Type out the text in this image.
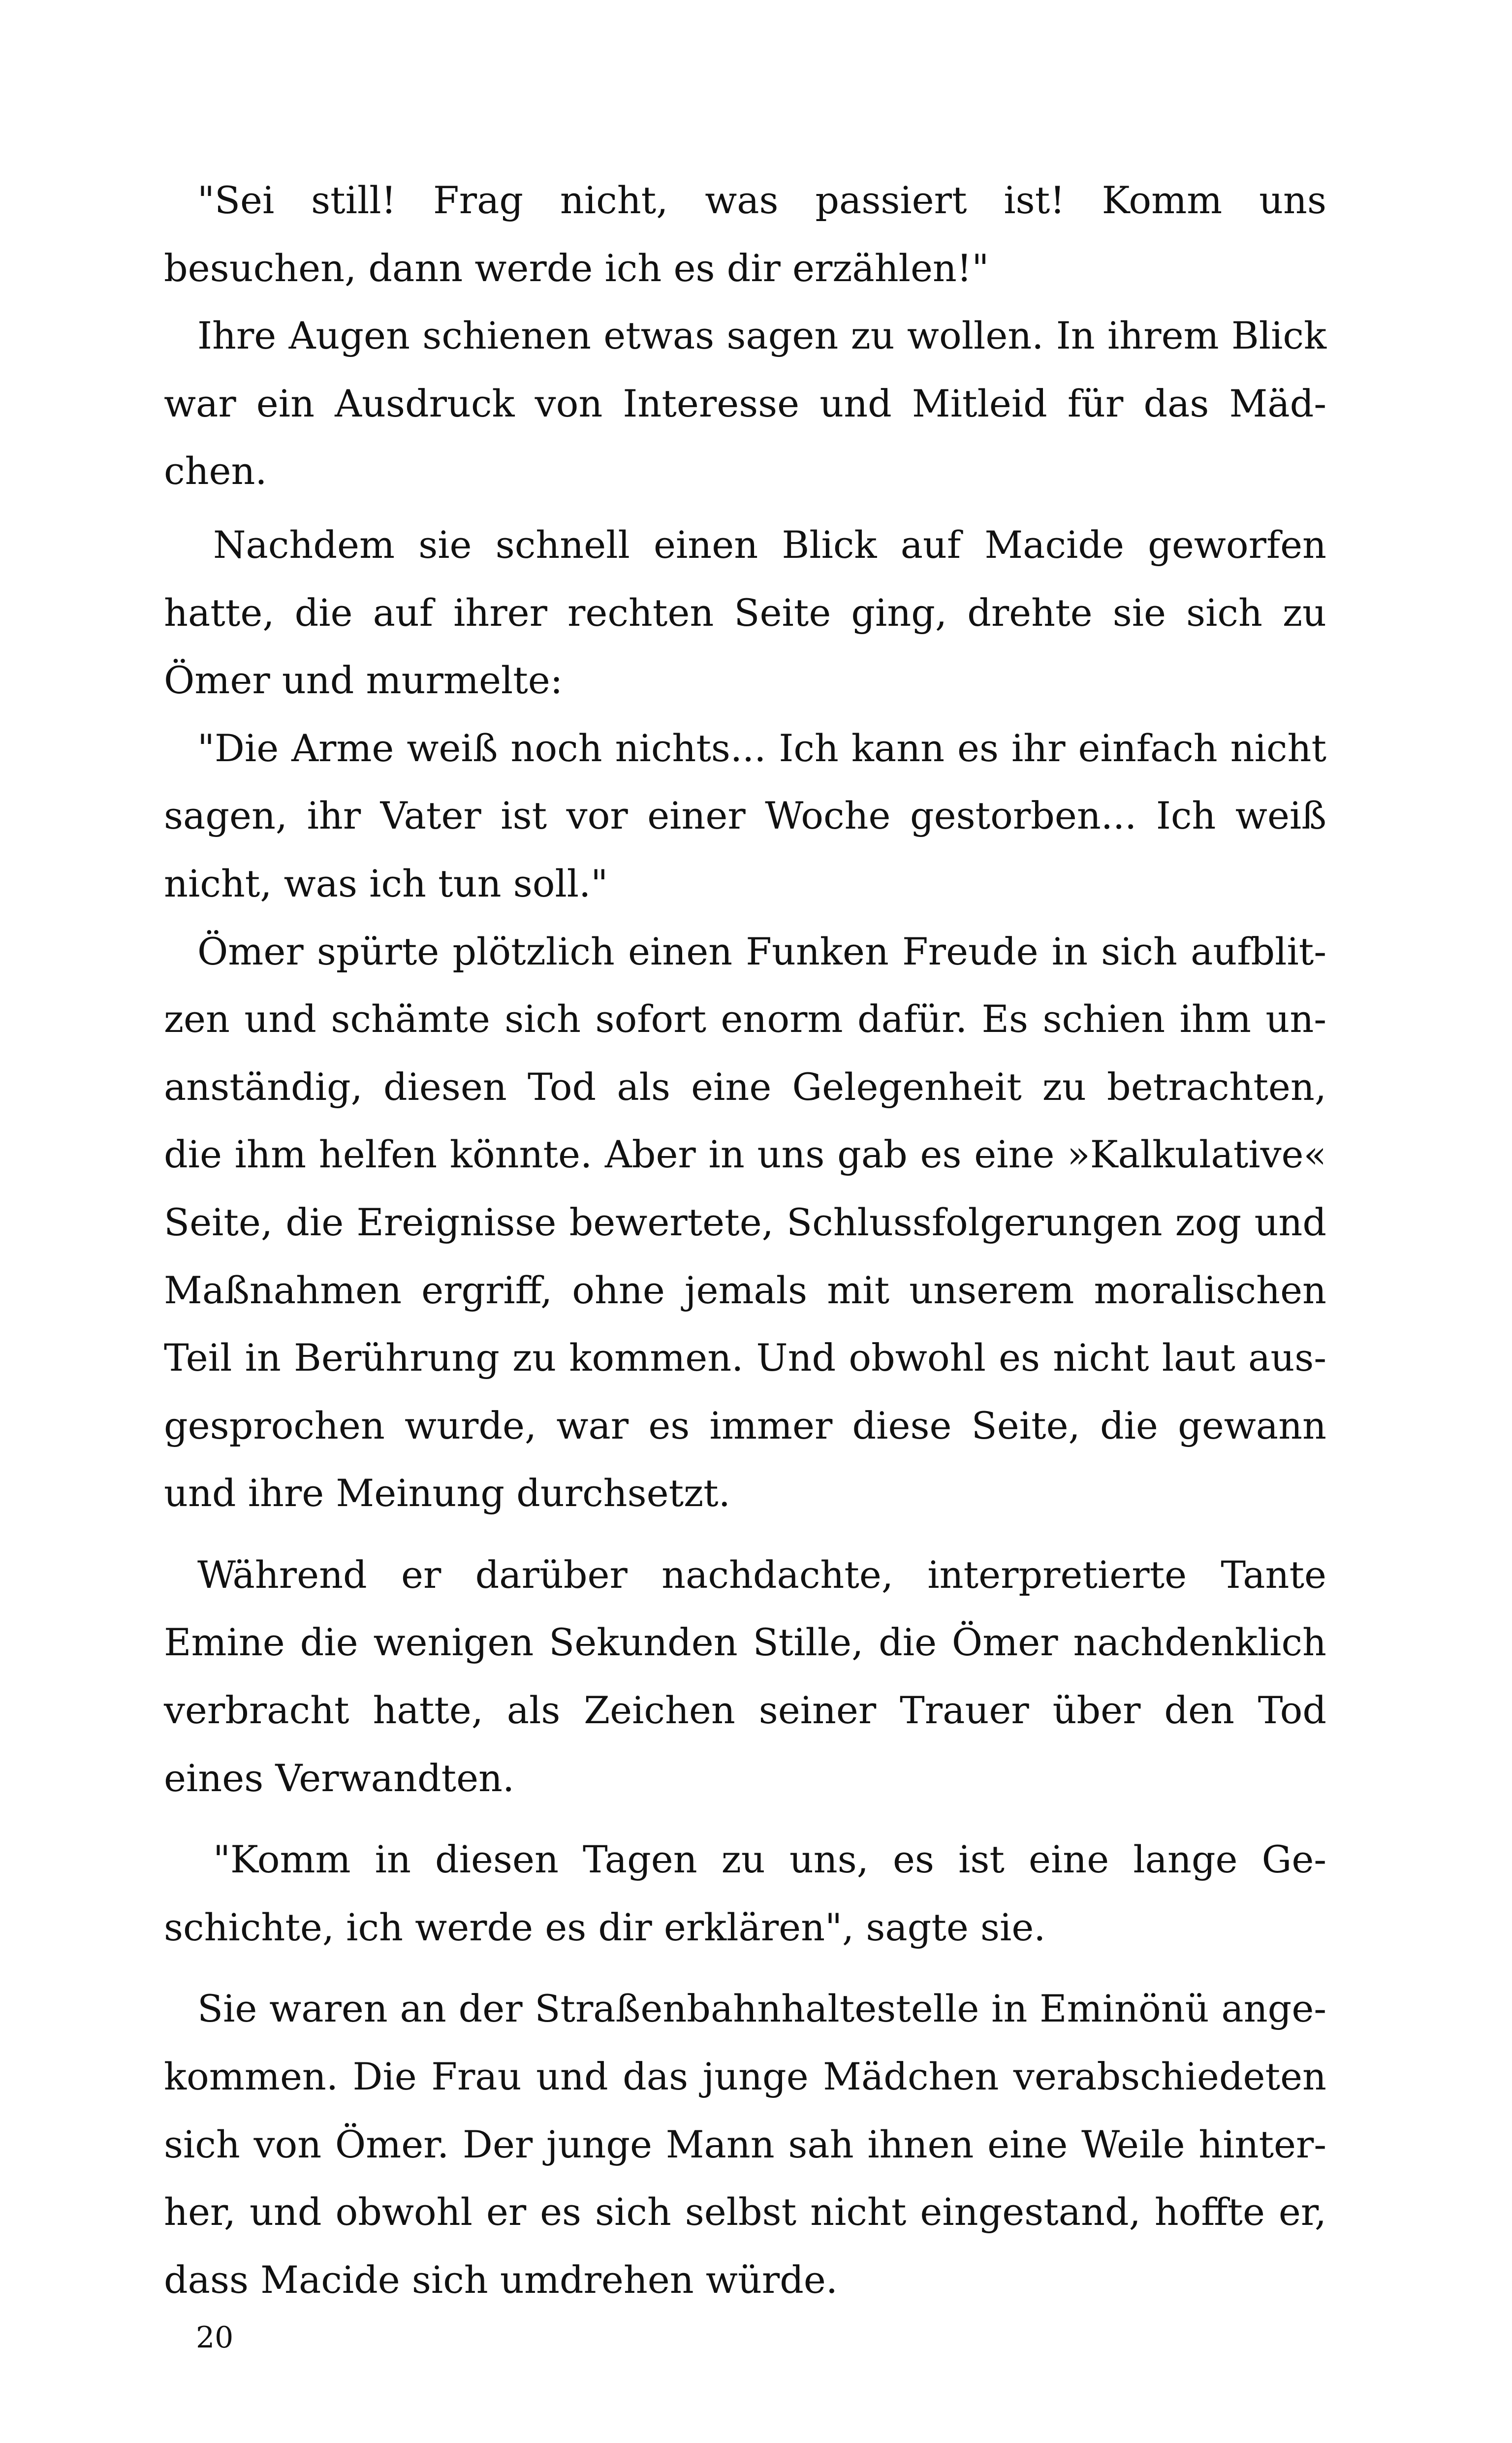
"Sei still! Frag nicht, was passiert ist! Komm uns besuchen, dann werde ich es dir erzählen!"

Ihre Augen schienen etwas sagen zu wollen. In ihrem Blick war ein Ausdruck von Interesse und Mitleid für das Mädchen.

Nachdem sie schnell einen Blick auf Macide geworfen hatte, die auf ihrer rechten Seite ging, drehte sie sich zu Ömer und murmelte:

"Die Arme weiß noch nichts... Ich kann es ihr einfach nicht sagen, ihr Vater ist vor einer Woche gestorben... Ich weiß nicht, was ich tun soll."

Ömer spürte plötzlich einen Funken Freude in sich aufblitzen und schämte sich sofort enorm dafür. Es schien ihm unanständig, diesen Tod als eine Gelegenheit zu betrachten, die ihm helfen könnte. Aber in uns gab es eine »Kalkulative« Seite, die Ereignisse bewertete, Schlussfolgerungen zog und Maßnahmen ergriff, ohne jemals mit unserem moralischen Teil in Berührung zu kommen. Und obwohl es nicht laut ausgesprochen wurde, war es immer diese Seite, die gewann und ihre Meinung durchsetzt.

Während er darüber nachdachte, interpretierte Tante Emine die wenigen Sekunden Stille, die Ömer nachdenklich verbracht hatte, als Zeichen seiner Trauer über den Tod eines Verwandten.

"Komm in diesen Tagen zu uns, es ist eine lange Geschichte, ich werde es dir erklären", sagte sie.

Sie waren an der Straßenbahnhaltestelle in Eminönü angekommen. Die Frau und das junge Mädchen verabschiedeten sich von Ömer. Der junge Mann sah ihnen eine Weile hinterher, und obwohl er es sich selbst nicht eingestand, hoffte er, dass Macide sich umdrehen würde.

20
